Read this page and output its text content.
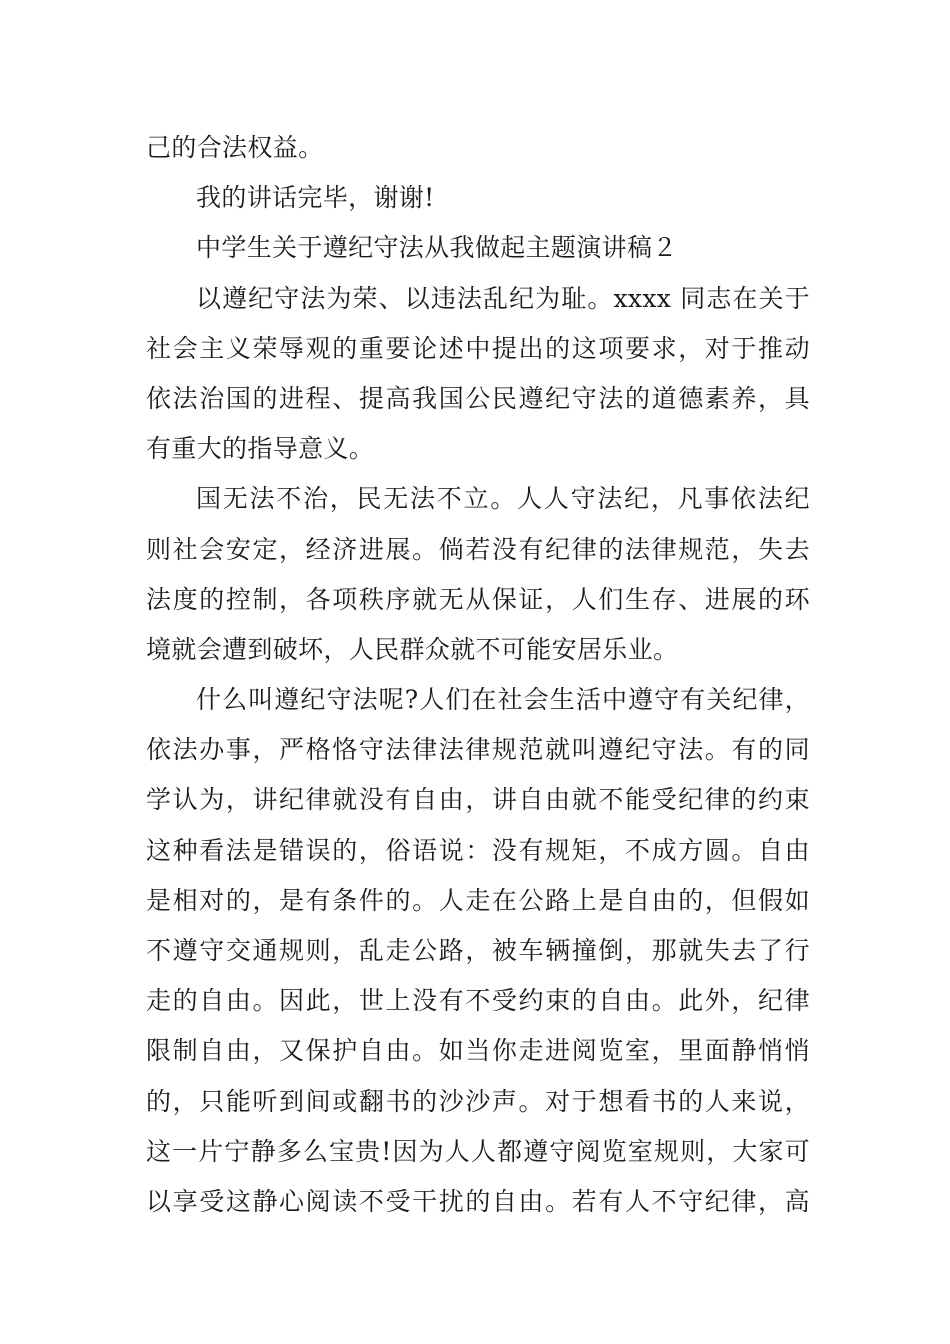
己的合法权益。
我的讲话完毕，谢谢!
中学生关于遵纪守法从我做起主题演讲稿２
以遵纪守法为荣、以违法乱纪为耻。xxxx 同志在关于
社会主义荣辱观的重要论述中提出的这项要求，对于推动
依法治国的进程、提高我国公民遵纪守法的道德素养，具
有重大的指导意义。
国无法不治，民无法不立。人人守法纪，凡事依法纪
则社会安定，经济进展。倘若没有纪律的法律规范，失去
法度的控制，各项秩序就无从保证，人们生存、进展的环
境就会遭到破坏，人民群众就不可能安居乐业。
什么叫遵纪守法呢?人们在社会生活中遵守有关纪律，
依法办事，严格恪守法律法律规范就叫遵纪守法。有的同
学认为，讲纪律就没有自由，讲自由就不能受纪律的约束
这种看法是错误的，俗语说：没有规矩，不成方圆。自由
是相对的，是有条件的。人走在公路上是自由的，但假如
不遵守交通规则，乱走公路，被车辆撞倒，那就失去了行
走的自由。因此，世上没有不受约束的自由。此外，纪律
限制自由，又保护自由。如当你走进阅览室，里面静悄悄
的，只能听到间或翻书的沙沙声。对于想看书的人来说，
这一片宁静多么宝贵!因为人人都遵守阅览室规则，大家可
以享受这静心阅读不受干扰的自由。若有人不守纪律，高
